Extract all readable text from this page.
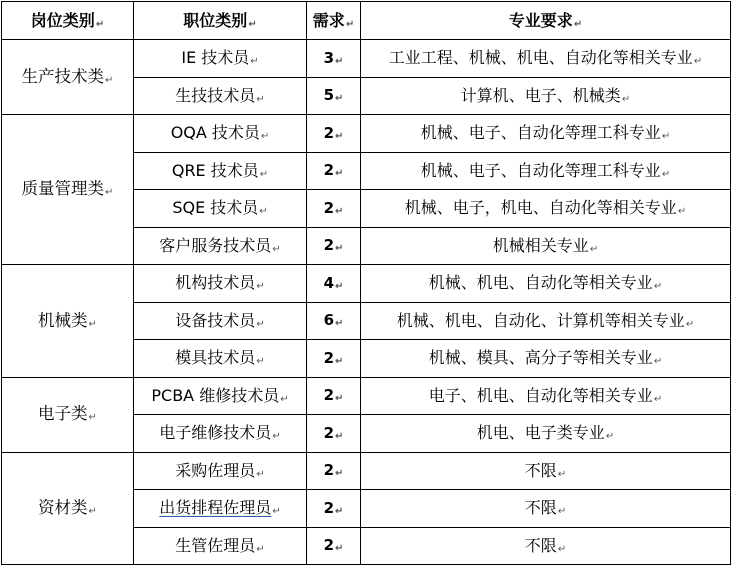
岗位类别↵	职位类别↵	需求↵	专业要求↵
生产技术类↵	IE 技术员↵	3↵	工业工程、机械、机电、自动化等相关专业↵
	生技技术员↵	5↵	计算机、电子、机械类↵
质量管理类↵	OQA 技术员↵	2↵	机械、电子、自动化等理工科专业↵
	QRE 技术员↵	2↵	机械、电子、自动化等理工科专业↵
	SQE 技术员↵	2↵	机械、电子，机电、自动化等相关专业↵
	客户服务技术员↵	2↵	机械相关专业↵
机械类↵	机构技术员↵	4↵	机械、机电、自动化等相关专业↵
	设备技术员↵	6↵	机械、机电、自动化、计算机等相关专业↵
	模具技术员↵	2↵	机械、模具、高分子等相关专业↵
电子类↵	PCBA 维修技术员↵	2↵	电子、机电、自动化等相关专业↵
	电子维修技术员↵	2↵	机电、电子类专业↵
资材类↵	采购佐理员↵	2↵	不限↵
	出货排程佐理员↵	2↵	不限↵
	生管佐理员↵	2↵	不限↵
